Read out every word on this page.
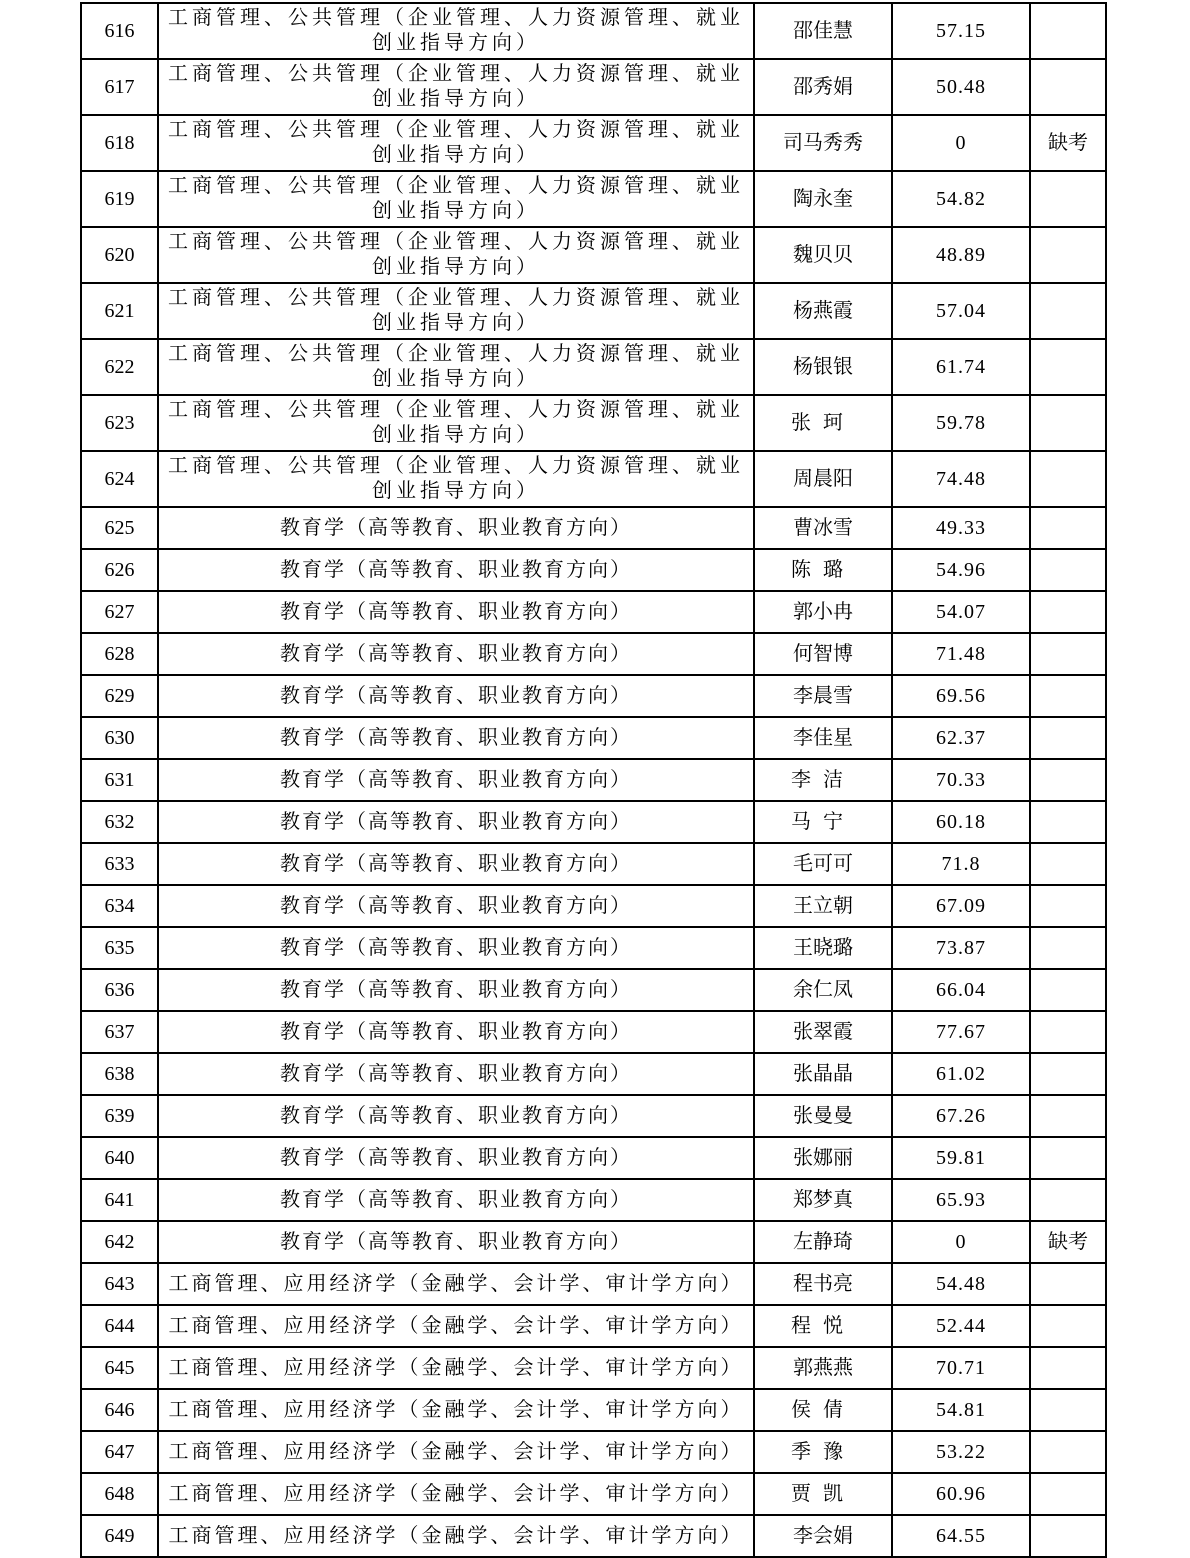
616	工商管理、公共管理（企业管理、人力资源管理、就业创业指导方向）	邵佳慧	57.15	
617	工商管理、公共管理（企业管理、人力资源管理、就业创业指导方向）	邵秀娟	50.48	
618	工商管理、公共管理（企业管理、人力资源管理、就业创业指导方向）	司马秀秀	0	缺考
619	工商管理、公共管理（企业管理、人力资源管理、就业创业指导方向）	陶永奎	54.82	
620	工商管理、公共管理（企业管理、人力资源管理、就业创业指导方向）	魏贝贝	48.89	
621	工商管理、公共管理（企业管理、人力资源管理、就业创业指导方向）	杨燕霞	57.04	
622	工商管理、公共管理（企业管理、人力资源管理、就业创业指导方向）	杨银银	61.74	
623	工商管理、公共管理（企业管理、人力资源管理、就业创业指导方向）	张珂	59.78	
624	工商管理、公共管理（企业管理、人力资源管理、就业创业指导方向）	周晨阳	74.48	
625	教育学（高等教育、职业教育方向）	曹冰雪	49.33	
626	教育学（高等教育、职业教育方向）	陈璐	54.96	
627	教育学（高等教育、职业教育方向）	郭小冉	54.07	
628	教育学（高等教育、职业教育方向）	何智博	71.48	
629	教育学（高等教育、职业教育方向）	李晨雪	69.56	
630	教育学（高等教育、职业教育方向）	李佳星	62.37	
631	教育学（高等教育、职业教育方向）	李洁	70.33	
632	教育学（高等教育、职业教育方向）	马宁	60.18	
633	教育学（高等教育、职业教育方向）	毛可可	71.8	
634	教育学（高等教育、职业教育方向）	王立朝	67.09	
635	教育学（高等教育、职业教育方向）	王晓璐	73.87	
636	教育学（高等教育、职业教育方向）	余仁凤	66.04	
637	教育学（高等教育、职业教育方向）	张翠霞	77.67	
638	教育学（高等教育、职业教育方向）	张晶晶	61.02	
639	教育学（高等教育、职业教育方向）	张曼曼	67.26	
640	教育学（高等教育、职业教育方向）	张娜丽	59.81	
641	教育学（高等教育、职业教育方向）	郑梦真	65.93	
642	教育学（高等教育、职业教育方向）	左静琦	0	缺考
643	工商管理、应用经济学（金融学、会计学、审计学方向）	程书亮	54.48	
644	工商管理、应用经济学（金融学、会计学、审计学方向）	程悦	52.44	
645	工商管理、应用经济学（金融学、会计学、审计学方向）	郭燕燕	70.71	
646	工商管理、应用经济学（金融学、会计学、审计学方向）	侯倩	54.81	
647	工商管理、应用经济学（金融学、会计学、审计学方向）	季豫	53.22	
648	工商管理、应用经济学（金融学、会计学、审计学方向）	贾凯	60.96	
649	工商管理、应用经济学（金融学、会计学、审计学方向）	李会娟	64.55	
